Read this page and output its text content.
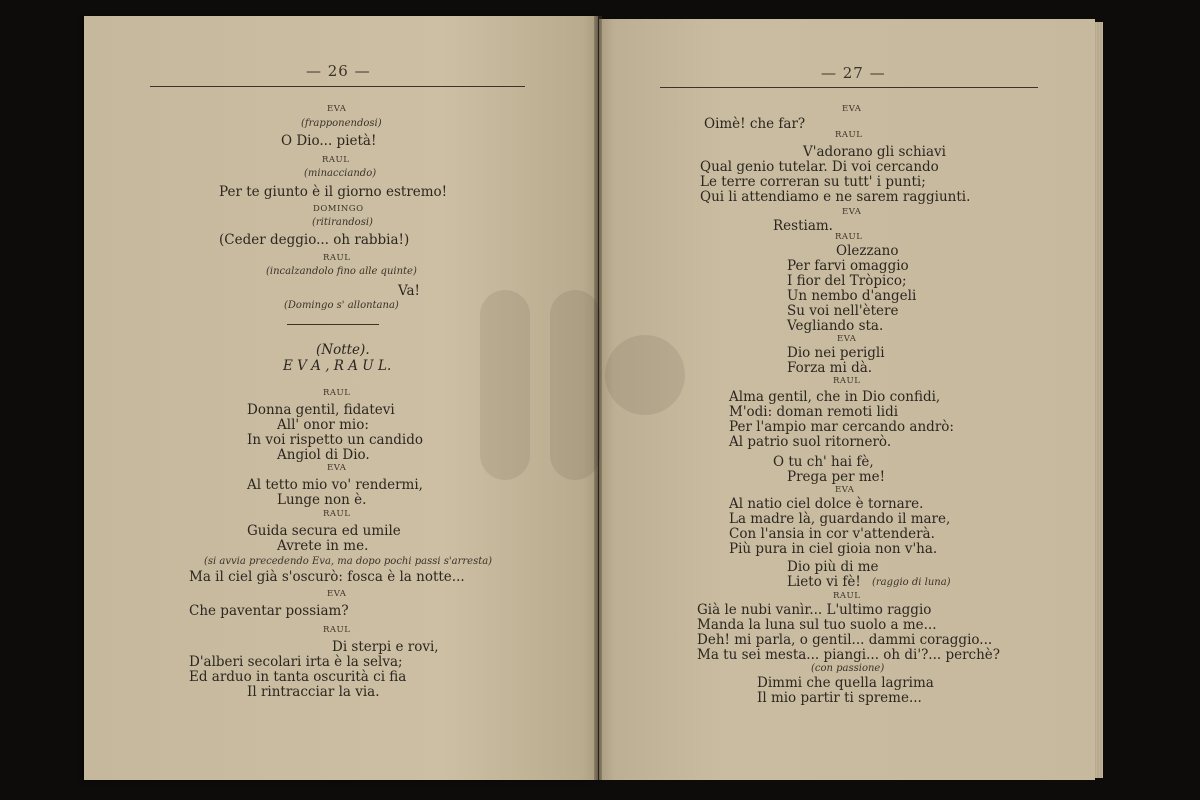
— 26 —	— 27 —
EVA
(frapponendosi)
O Dio... pietà!
RAUL
(minacciando)
Per te giunto è il giorno estremo!
DOMINGO
(ritirandosi)
(Ceder deggio... oh rabbia!)
RAUL
(incalzandolo fino alle quinte)
Va!
(Domingo s' allontana)
(Notte).
E V A , R A U L.
RAUL
Donna gentil, fidatevi
All' onor mio:
In voi rispetto un candido
Angiol di Dio.
EVA
Al tetto mio vo' rendermi,
Lunge non è.
RAUL
Guida secura ed umile
Avrete in me.
(si avvia precedendo Eva, ma dopo pochi passi s'arresta)
Ma il ciel già s'oscurò: fosca è la notte...
EVA
Che paventar possiam?
RAUL
Di sterpi e rovi,
D'alberi secolari irta è la selva;
Ed arduo in tanta oscurità ci fia
Il rintracciar la via.
EVA
Oimè! che far?
RAUL
V'adorano gli schiavi
Qual genio tutelar. Di voi cercando
Le terre correran su tutt' i punti;
Qui li attendiamo e ne sarem raggiunti.
EVA
Restiam.
RAUL
Olezzano
Per farvi omaggio
I fior del Tròpico;
Un nembo d'angeli
Su voi nell'ètere
Vegliando sta.
EVA
Dio nei perigli
Forza mi dà.
RAUL
Alma gentil, che in Dio confidi,
M'odi: doman remoti lidi
Per l'ampio mar cercando andrò:
Al patrio suol ritornerò.
O tu ch' hai fè,
Prega per me!
EVA
Al natio ciel dolce è tornare.
La madre là, guardando il mare,
Con l'ansia in cor v'attenderà.
Più pura in ciel gioia non v'ha.
Dio più di me
Lieto vi fè! (raggio di luna)
RAUL
Già le nubi vanìr... L'ultimo raggio
Manda la luna sul tuo suolo a me...
Deh! mi parla, o gentil... dammi coraggio...
Ma tu sei mesta... piangi... oh di'?... perchè?
(con passione)
Dimmi che quella lagrima
Il mio partir ti spreme...
